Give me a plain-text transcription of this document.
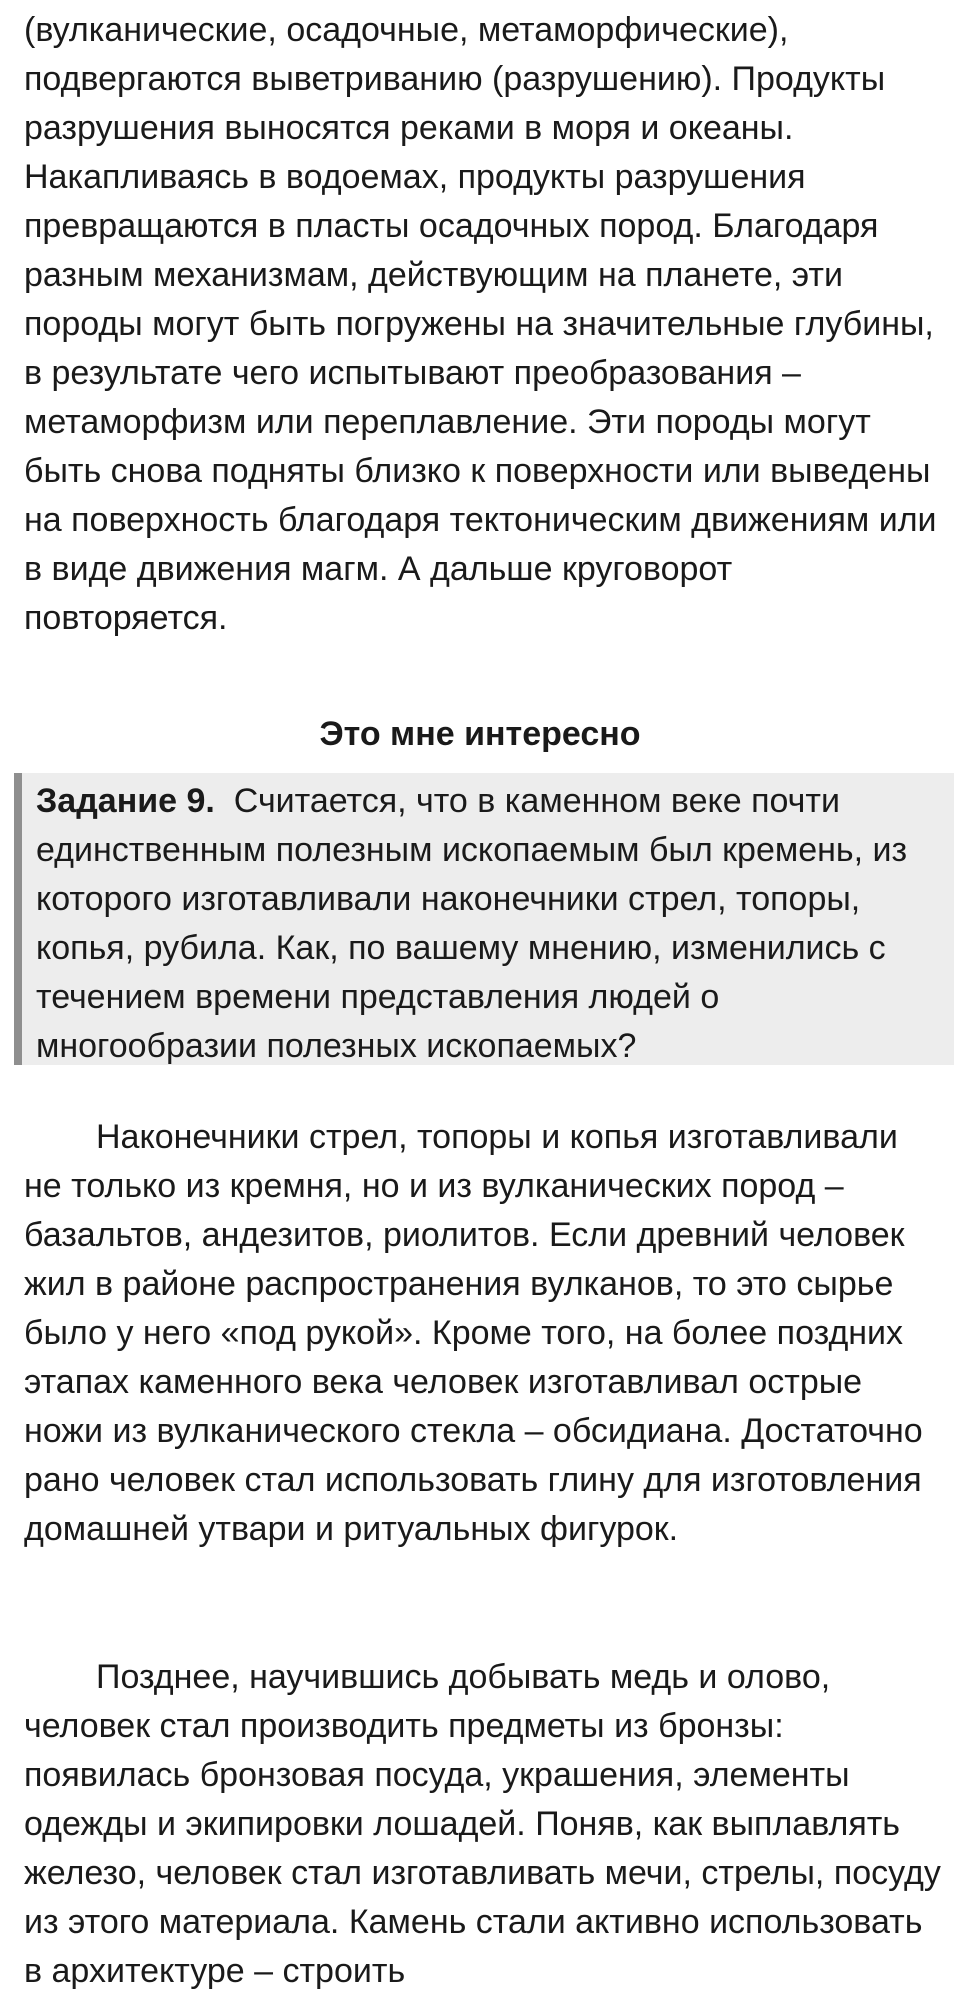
(вулканические, осадочные, метаморфические), подвергаются выветриванию (разрушению). Продукты разрушения выносятся реками в моря и океаны. Накапливаясь в водоемах, продукты разрушения превращаются в пласты осадочных пород. Благодаря разным механизмам, действующим на планете, эти породы могут быть погружены на значительные глубины, в результате чего испытывают преобразования – метаморфизм или переплавление. Эти породы могут быть снова подняты близко к поверхности или выведены на поверхность благодаря тектоническим движениям или в виде движения магм. А дальше круговорот повторяется.

Это мне интересно

Задание 9. Считается, что в каменном веке почти единственным полезным ископаемым был кремень, из которого изготавливали наконечники стрел, топоры, копья, рубила. Как, по вашему мнению, изменились с течением времени представления людей о многообразии полезных ископаемых?

Наконечники стрел, топоры и копья изготавливали не только из кремня, но и из вулканических пород – базальтов, андезитов, риолитов. Если древний человек жил в районе распространения вулканов, то это сырье было у него «под рукой». Кроме того, на более поздних этапах каменного века человек изготавливал острые ножи из вулканического стекла – обсидиана. Достаточно рано человек стал использовать глину для изготовления домашней утвари и ритуальных фигурок.

Позднее, научившись добывать медь и олово, человек стал производить предметы из бронзы: появилась бронзовая посуда, украшения, элементы одежды и экипировки лошадей. Поняв, как выплавлять железо, человек стал изготавливать мечи, стрелы, посуду из этого материала. Камень стали активно использовать в архитектуре – строить
